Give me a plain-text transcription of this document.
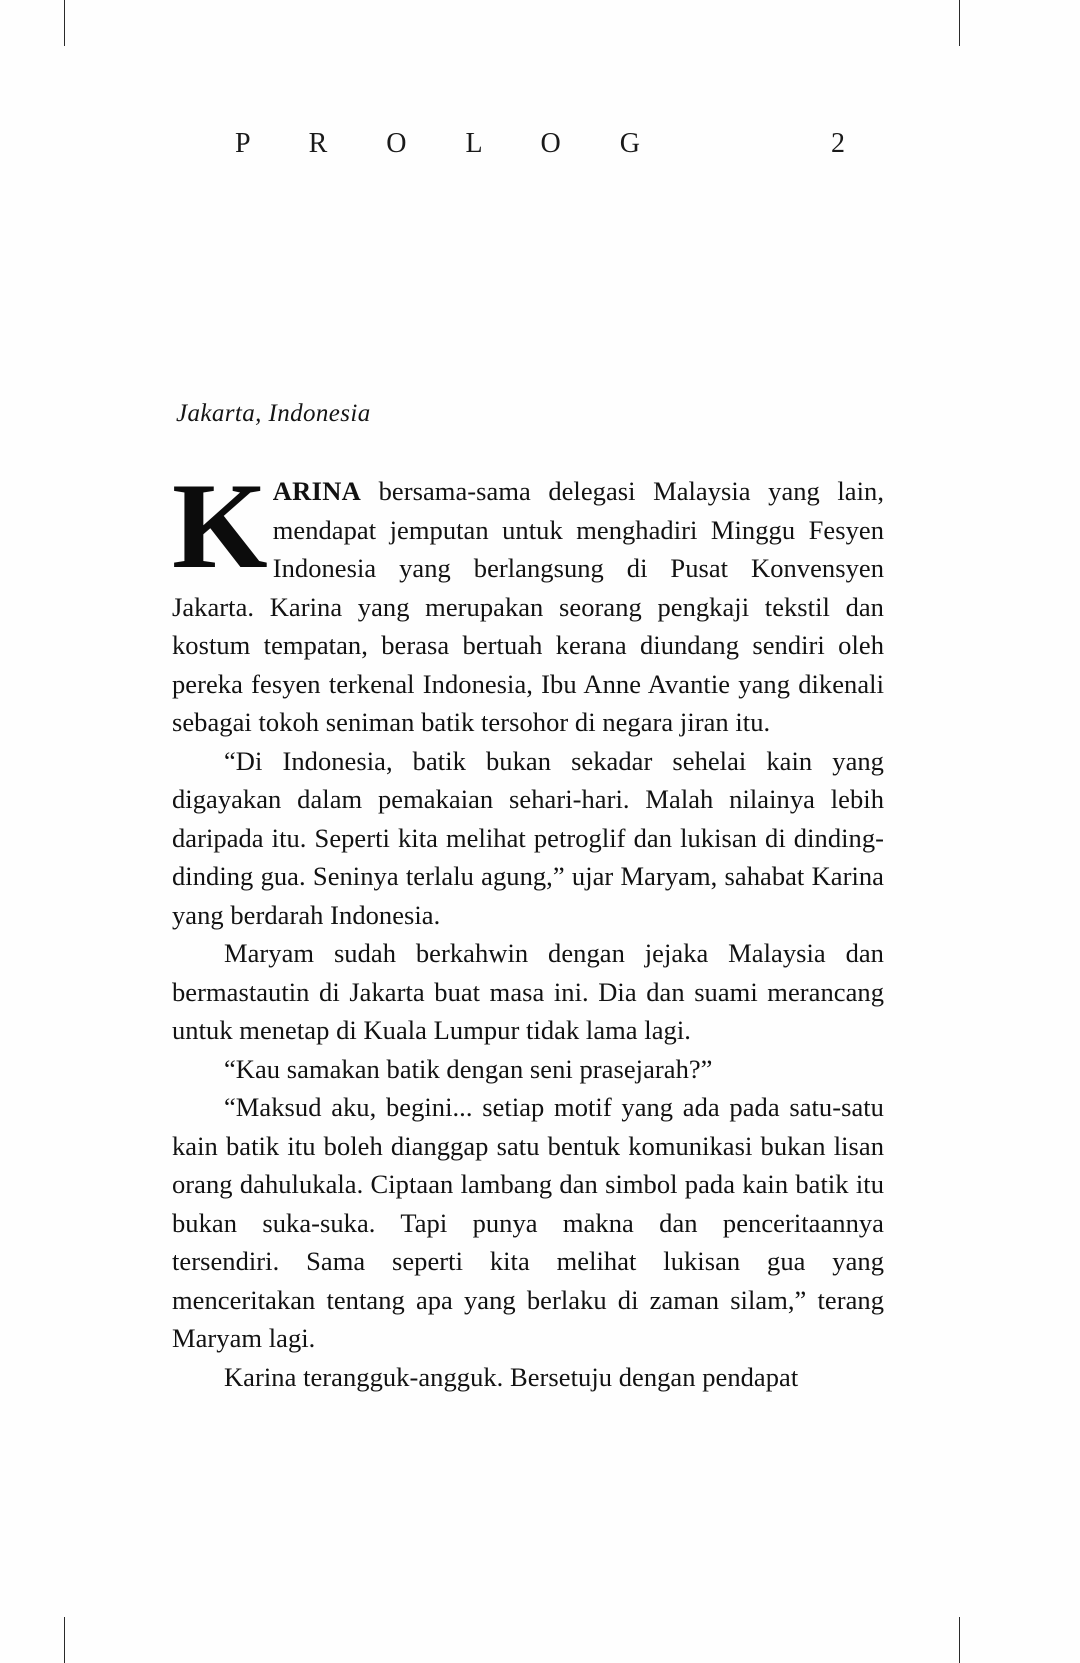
P R O L O G     2
Jakarta, Indonesia

KARINA bersama-sama delegasi Malaysia yang lain, mendapat jemputan untuk menghadiri Minggu Fesyen Indonesia yang berlangsung di Pusat Konvensyen Jakarta. Karina yang merupakan seorang pengkaji tekstil dan kostum tempatan, berasa bertuah kerana diundang sendiri oleh pereka fesyen terkenal Indonesia, Ibu Anne Avantie yang dikenali sebagai tokoh seniman batik tersohor di negara jiran itu.

“Di Indonesia, batik bukan sekadar sehelai kain yang digayakan dalam pemakaian sehari-hari. Malah nilainya lebih daripada itu. Seperti kita melihat petroglif dan lukisan di dinding-dinding gua. Seninya terlalu agung,” ujar Maryam, sahabat Karina yang berdarah Indonesia.

Maryam sudah berkahwin dengan jejaka Malaysia dan bermastautin di Jakarta buat masa ini. Dia dan suami merancang untuk menetap di Kuala Lumpur tidak lama lagi.

“Kau samakan batik dengan seni prasejarah?”

“Maksud aku, begini... setiap motif yang ada pada satu-satu kain batik itu boleh dianggap satu bentuk komunikasi bukan lisan orang dahulukala. Ciptaan lambang dan simbol pada kain batik itu bukan suka-suka. Tapi punya makna dan penceritaannya tersendiri. Sama seperti kita melihat lukisan gua yang menceritakan tentang apa yang berlaku di zaman silam,” terang Maryam lagi.

Karina terangguk-angguk. Bersetuju dengan pendapat
